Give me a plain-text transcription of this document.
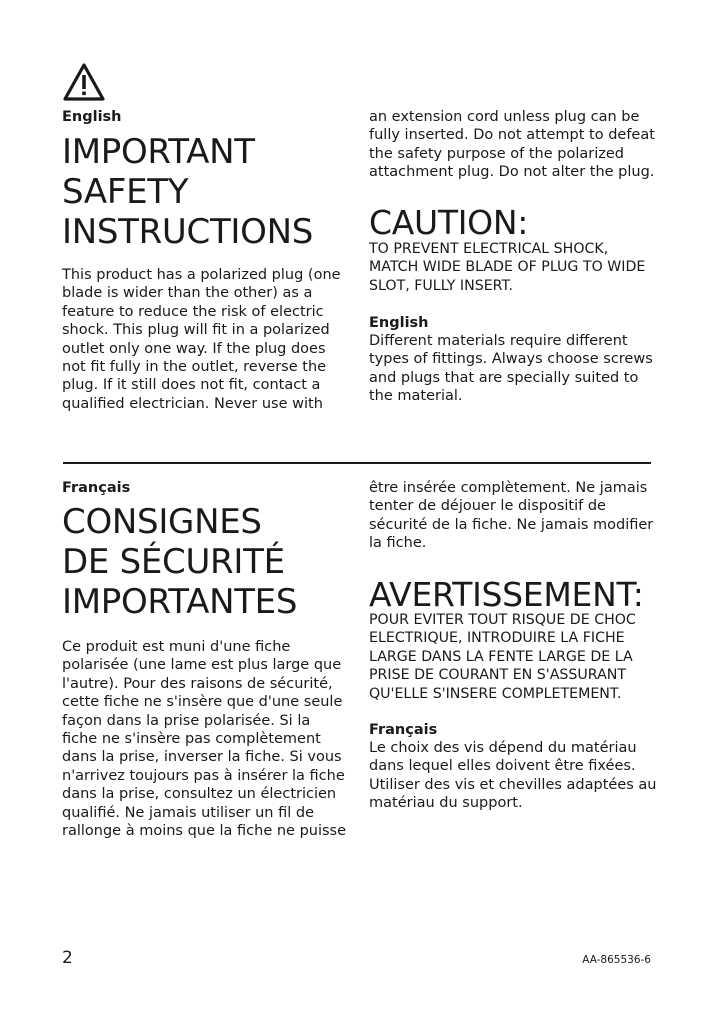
English
IMPORTANT
SAFETY
INSTRUCTIONS

This product has a polarized plug (one
blade is wider than the other) as a
feature to reduce the risk of electric
shock. This plug will fit in a polarized
outlet only one way. If the plug does
not fit fully in the outlet, reverse the
plug. If it still does not fit, contact a
qualified electrician. Never use with

an extension cord unless plug can be
fully inserted. Do not attempt to defeat
the safety purpose of the polarized
attachment plug. Do not alter the plug.

CAUTION:

TO PREVENT ELECTRICAL SHOCK,
MATCH WIDE BLADE OF PLUG TO WIDE
SLOT, FULLY INSERT.

English

Different materials require different
types of fittings. Always choose screws
and plugs that are specially suited to
the material.

Français
CONSIGNES
DE SÉCURITÉ
IMPORTANTES

Ce produit est muni d'une fiche
polarisée (une lame est plus large que
l'autre). Pour des raisons de sécurité,
cette fiche ne s'insère que d'une seule
façon dans la prise polarisée. Si la
fiche ne s'insère pas complètement
dans la prise, inverser la fiche. Si vous
n'arrivez toujours pas à insérer la fiche
dans la prise, consultez un électricien
qualifié. Ne jamais utiliser un fil de
rallonge à moins que la fiche ne puisse

être insérée complètement. Ne jamais
tenter de déjouer le dispositif de
sécurité de la fiche. Ne jamais modifier
la fiche.

AVERTISSEMENT:

POUR EVITER TOUT RISQUE DE CHOC
ELECTRIQUE, INTRODUIRE LA FICHE
LARGE DANS LA FENTE LARGE DE LA
PRISE DE COURANT EN S'ASSURANT
QU'ELLE S'INSERE COMPLETEMENT.

Français

Le choix des vis dépend du matériau
dans lequel elles doivent être fixées.
Utiliser des vis et chevilles adaptées au
matériau du support.

2	AA-865536-6
